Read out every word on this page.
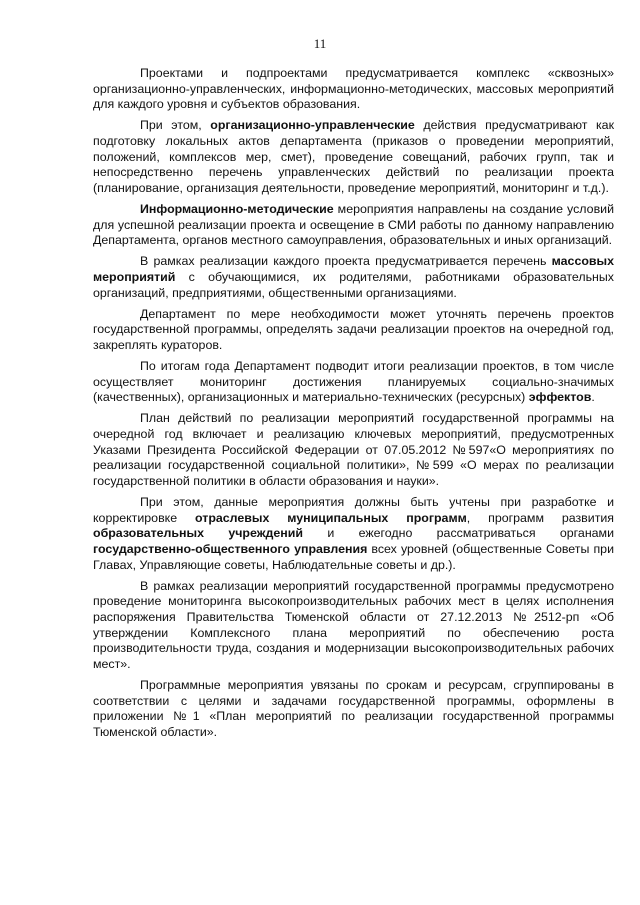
11

Проектами и подпроектами предусматривается комплекс «сквозных» организационно-управленческих, информационно-методических, массовых мероприятий для каждого уровня и субъектов образования.

При этом, организационно-управленческие действия предусматривают как подготовку локальных актов департамента (приказов о проведении мероприятий, положений, комплексов мер, смет), проведение совещаний, рабочих групп, так и непосредственно перечень управленческих действий по реализации проекта (планирование, организация деятельности, проведение мероприятий, мониторинг и т.д.).

Информационно-методические мероприятия направлены на создание условий для успешной реализации проекта и освещение в СМИ работы по данному направлению Департамента, органов местного самоуправления, образовательных и иных организаций.

В рамках реализации каждого проекта предусматривается перечень массовых мероприятий с обучающимися, их родителями, работниками образовательных организаций, предприятиями, общественными организациями.

Департамент по мере необходимости может уточнять перечень проектов государственной программы, определять задачи реализации проектов на очередной год, закреплять кураторов.

По итогам года Департамент подводит итоги реализации проектов, в том числе осуществляет мониторинг достижения планируемых социально-значимых (качественных), организационных и материально-технических (ресурсных) эффектов.

План действий по реализации мероприятий государственной программы на очередной год включает и реализацию ключевых мероприятий, предусмотренных Указами Президента Российской Федерации от 07.05.2012 №597«О мероприятиях по реализации государственной социальной политики», №599 «О мерах по реализации государственной политики в области образования и науки».

При этом, данные мероприятия должны быть учтены при разработке и корректировке отраслевых муниципальных программ, программ развития образовательных учреждений и ежегодно рассматриваться органами государственно-общественного управления всех уровней (общественные Советы при Главах, Управляющие советы, Наблюдательные советы и др.).

В рамках реализации мероприятий государственной программы предусмотрено проведение мониторинга высокопроизводительных рабочих мест в целях исполнения распоряжения Правительства Тюменской области от 27.12.2013 №2512-рп «Об утверждении Комплексного плана мероприятий по обеспечению роста производительности труда, создания и модернизации высокопроизводительных рабочих мест».

Программные мероприятия увязаны по срокам и ресурсам, сгруппированы в соответствии с целями и задачами государственной программы, оформлены в приложении №1 «План мероприятий по реализации государственной программы Тюменской области».
